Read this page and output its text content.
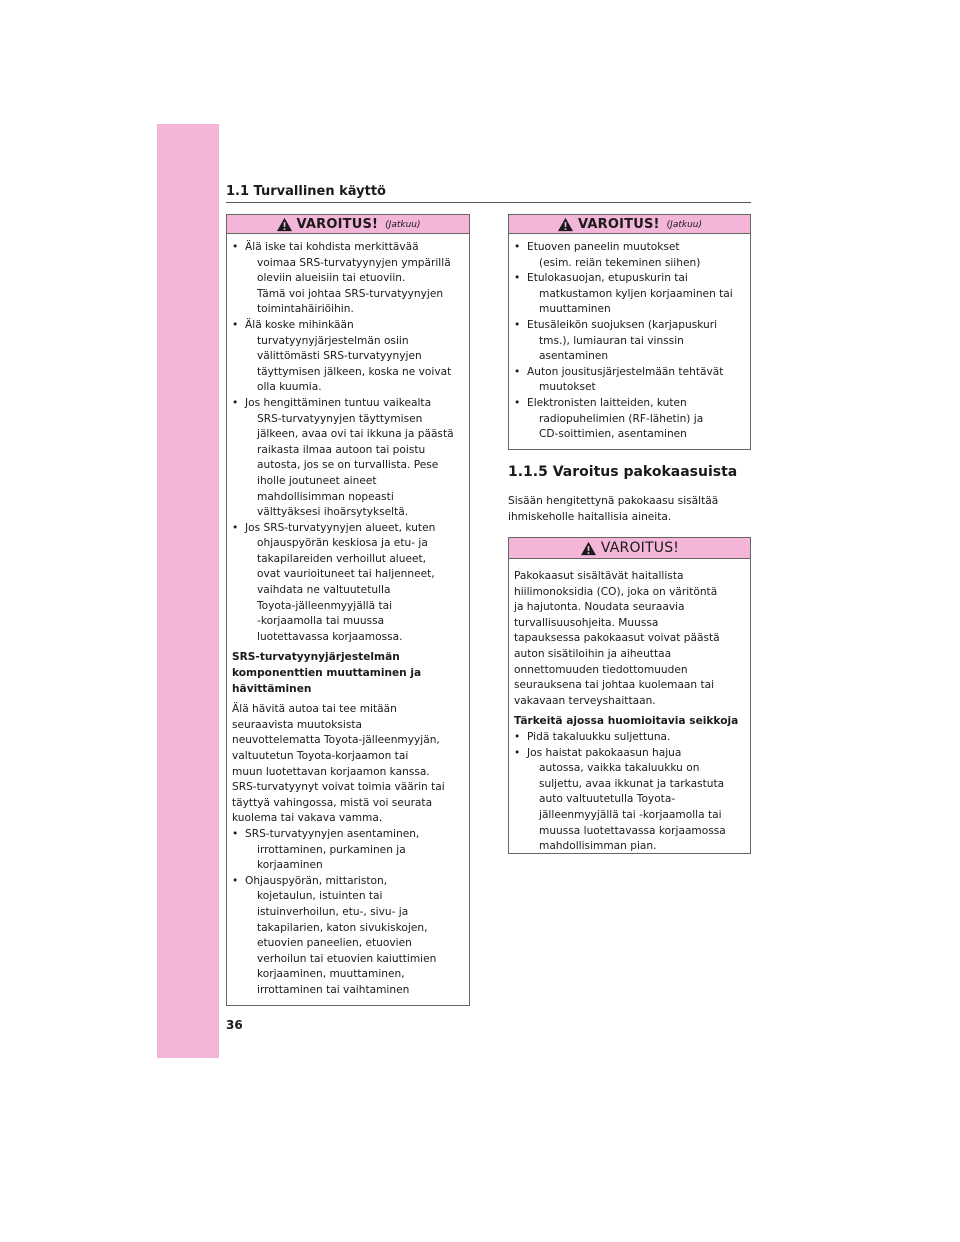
1.1 Turvallinen käyttö
VAROITUS! (Jatkuu)
• Älä iske tai kohdista merkittävää
voimaa SRS-turvatyynyjen ympärillä
oleviin alueisiin tai etuoviin.
Tämä voi johtaa SRS-turvatyynyjen
toimintahäiriöihin.
• Älä koske mihinkään
turvatyynyjärjestelmän osiin
välittömästi SRS-turvatyynyjen
täyttymisen jälkeen, koska ne voivat
olla kuumia.
• Jos hengittäminen tuntuu vaikealta
SRS-turvatyynyjen täyttymisen
jälkeen, avaa ovi tai ikkuna ja päästä
raikasta ilmaa autoon tai poistu
autosta, jos se on turvallista. Pese
iholle joutuneet aineet
mahdollisimman nopeasti
välttyäksesi ihoärsytykseltä.
• Jos SRS-turvatyynyjen alueet, kuten
ohjauspyörän keskiosa ja etu- ja
takapilareiden verhoillut alueet,
ovat vaurioituneet tai haljenneet,
vaihdata ne valtuutetulla
Toyota-jälleenmyyjällä tai
-korjaamolla tai muussa
luotettavassa korjaamossa.
SRS-turvatyynyjärjestelmän
komponenttien muuttaminen ja
hävittäminen
Älä hävitä autoa tai tee mitään
seuraavista muutoksista
neuvottelematta Toyota-jälleenmyyjän,
valtuutetun Toyota-korjaamon tai
muun luotettavan korjaamon kanssa.
SRS-turvatyynyt voivat toimia väärin tai
täyttyä vahingossa, mistä voi seurata
kuolema tai vakava vamma.
• SRS-turvatyynyjen asentaminen,
irrottaminen, purkaminen ja
korjaaminen
• Ohjauspyörän, mittariston,
kojetaulun, istuinten tai
istuinverhoilun, etu-, sivu- ja
takapilarien, katon sivukiskojen,
etuovien paneelien, etuovien
verhoilun tai etuovien kaiuttimien
korjaaminen, muuttaminen,
irrottaminen tai vaihtaminen
VAROITUS! (Jatkuu)
• Etuoven paneelin muutokset
(esim. reiän tekeminen siihen)
• Etulokasuojan, etupuskurin tai
matkustamon kyljen korjaaminen tai
muuttaminen
• Etusäleikön suojuksen (karjapuskuri
tms.), lumiauran tai vinssin
asentaminen
• Auton jousitusjärjestelmään tehtävät
muutokset
• Elektronisten laitteiden, kuten
radiopuhelimien (RF-lähetin) ja
CD-soittimien, asentaminen
1.1.5 Varoitus pakokaasuista
Sisään hengitettynä pakokaasu sisältää
ihmiskeholle haitallisia aineita.
VAROITUS!
Pakokaasut sisältävät haitallista
hiilimonoksidia (CO), joka on väritöntä
ja hajutonta. Noudata seuraavia
turvallisuusohjeita. Muussa
tapauksessa pakokaasut voivat päästä
auton sisätiloihin ja aiheuttaa
onnettomuuden tiedottomuuden
seurauksena tai johtaa kuolemaan tai
vakavaan terveyshaittaan.
Tärkeitä ajossa huomioitavia seikkoja
• Pidä takaluukku suljettuna.
• Jos haistat pakokaasun hajua
autossa, vaikka takaluukku on
suljettu, avaa ikkunat ja tarkastuta
auto valtuutetulla Toyota-
jälleenmyyjällä tai -korjaamolla tai
muussa luotettavassa korjaamossa
mahdollisimman pian.
36
